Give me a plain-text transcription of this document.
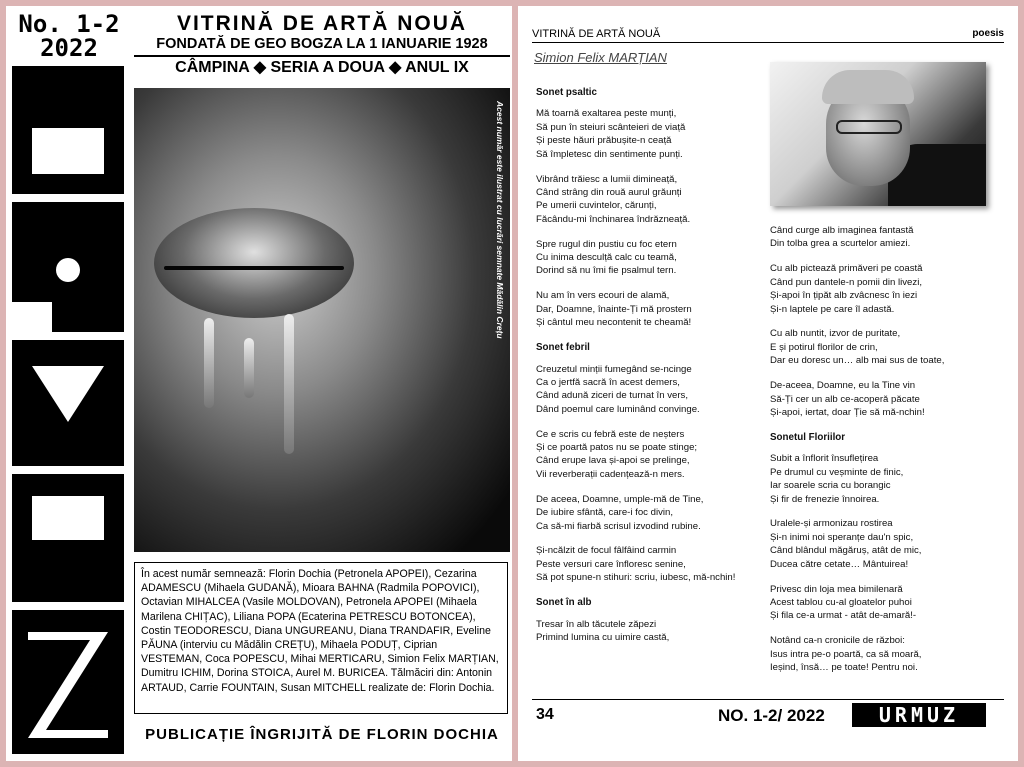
No. 1-2
2022
VITRINĂ DE ARTĂ NOUĂ
FONDATĂ DE GEO BOGZA LA 1 IANUARIE 1928
CÂMPINA ◆ SERIA A DOUA ◆ ANUL IX
Acest număr este ilustrat cu lucrări semnate Mădălin Crețu

În acest număr semnează: Florin Dochia (Petronela APOPEI), Cezarina ADAMESCU (Mihaela GUDANĂ), Mioara BAHNA (Radmila POPOVICI), Octavian MIHALCEA (Vasile MOLDOVAN), Petronela APOPEI (Mihaela Marilena CHIȚAC), Liliana POPA (Ecaterina PETRESCU BOTONCEA), Costin TEODORESCU, Diana UNGUREANU, Diana TRANDAFIR, Eveline PĂUNA (interviu cu Mădălin CREȚU), Mihaela PODUȚ, Ciprian VESTEMAN, Coca POPESCU, Mihai MERTICARU, Simion Felix MARȚIAN, Dumitru ICHIM, Dorina STOICA, Aurel M. BURICEA. Tălmăciri din: Antonin ARTAUD, Carrie FOUNTAIN, Susan MITCHELL realizate de: Florin Dochia.

PUBLICAȚIE ÎNGRIJITĂ DE FLORIN DOCHIA
VITRINĂ DE ARTĂ NOUĂ	poesis
Simion Felix MARȚIAN
Sonet psaltic

Mă toarnă exaltarea peste munți,
Să pun în steiuri scânteieri de viață
Și peste hăuri prăbușite-n ceață
Să împletesc din sentimente punți.

Vibrând trăiesc a lumii dimineață,
Când strâng din rouă aurul grăunți
Pe umerii cuvintelor, cărunți,
Făcându-mi închinarea îndrăzneață.

Spre rugul din pustiu cu foc etern
Cu inima desculță calc cu teamă,
Dorind să nu îmi fie psalmul tern.

Nu am în vers ecouri de alamă,
Dar, Doamne, înainte-Ți mă prostern
Și cântul meu necontenit te cheamă!

Sonet febril

Creuzetul minții fumegând se-ncinge
Ca o jertfă sacră în acest demers,
Când adună ziceri de turnat în vers,
Dând poemul care luminând convinge.

Ce e scris cu febră este de neșters
Și ce poartă patos nu se poate stinge;
Când erupe lava și-apoi se prelinge,
Vii reverberații cadențează-n mers.

De aceea, Doamne, umple-mă de Tine,
De iubire sfântă, care-i foc divin,
Ca să-mi fiarbă scrisul izvodind rubine.

Și-ncălzit de focul fâlfâind carmin
Peste versuri care înfloresc senine,
Să pot spune-n stihuri: scriu, iubesc, mă-nchin!

Sonet în alb

Tresar în alb tăcutele zăpezi
Primind lumina cu uimire castă,

Când curge alb imaginea fantastă

Din tolba grea a scurtelor amiezi.

Cu alb pictează primăveri pe coastă
Când pun dantele-n pomii din livezi,
Și-apoi în țipăt alb zvâcnesc în iezi
Și-n laptele pe care îl adastă.

Cu alb nuntit, izvor de puritate,
E și potirul florilor de crin,
Dar eu doresc un… alb mai sus de toate,

De-aceea, Doamne, eu la Tine vin
Să-Ți cer un alb ce-acoperă păcate
Și-apoi, iertat, doar Ție să mă-nchin!

Sonetul Floriilor

Subit a înflorit însuflețirea
Pe drumul cu veșminte de finic,
Iar soarele scria cu borangic
Și fir de frenezie înnoirea.

Uralele-și armonizau rostirea
Și-n inimi noi speranțe dau'n spic,
Când blândul măgăruș, atât de mic,
Ducea către cetate… Mântuirea!

Privesc din loja mea bimilenară
Acest tablou cu-al gloatelor puhoi
Și fila ce-a urmat - atât de-amară!-

Notând ca-n cronicile de război:
Isus intra pe-o poartă, ca să moară,
Ieșind, însă… pe toate! Pentru noi.

34	NO. 1-2/ 2022	URMUZ
